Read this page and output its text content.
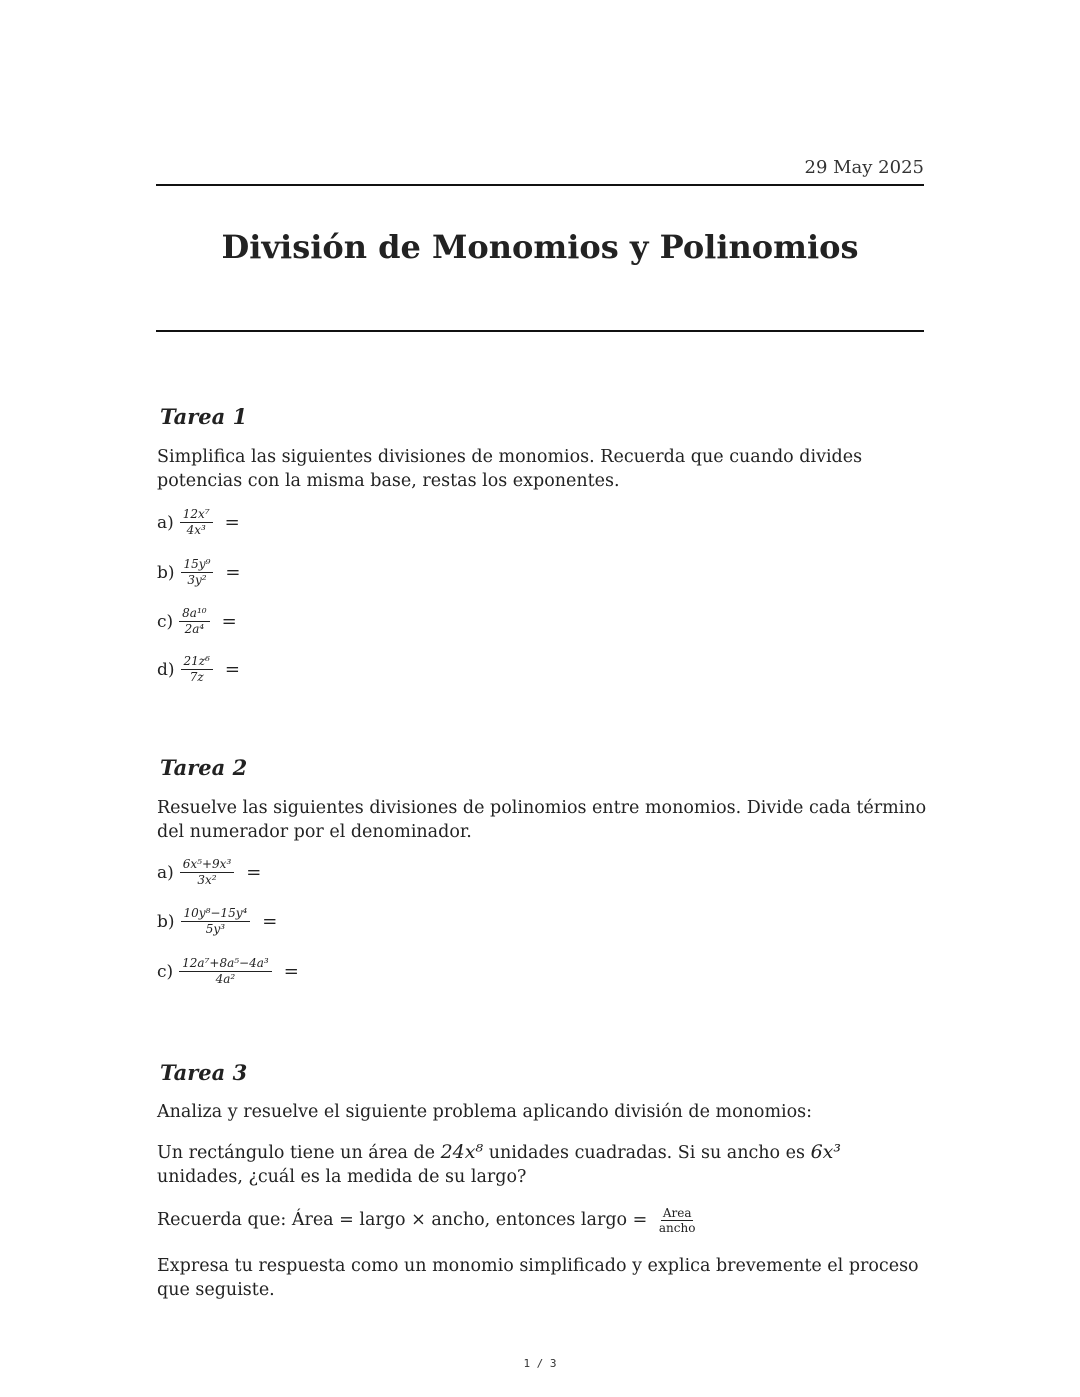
29 May 2025
División de Monomios y Polinomios
Tarea 1
Simplifica las siguientes divisiones de monomios. Recuerda que cuando divides potencias con la misma base, restas los exponentes.
$a) \frac{\text{12x⁷}}{\text{4x³}}$ =
$b) \frac{\text{15y⁹}}{\text{3y²}}$ =
$c) \frac{\text{8a¹⁰}}{\text{2a⁴}}$ =
$d) \frac{\text{21z⁶}}{7z}$ =
Tarea 2
Resuelve las siguientes divisiones de polinomios entre monomios. Divide cada término del numerador por el denominador.
$a) \frac{\text{6x⁵+9x³}}{\text{3x²}}$ =
$b) \frac{\text{10y⁸−15y⁴}}{\text{5y³}}$ =
$c) \frac{\text{12a⁷+8a⁵−4a³}}{\text{4a²}}$ =
Tarea 3
Analiza y resuelve el siguiente problema aplicando división de monomios:
Un rectángulo tiene un área de 24x⁸ unidades cuadradas. Si su ancho es 6x³ unidades, ¿cuál es la medida de su largo?
Recuerda que: Área = largo × ancho, entonces largo = $\frac{\text{Area}}{\text{ancho}}$
Expresa tu respuesta como un monomio simplificado y explica brevemente el proceso que seguiste.
1 / 3
